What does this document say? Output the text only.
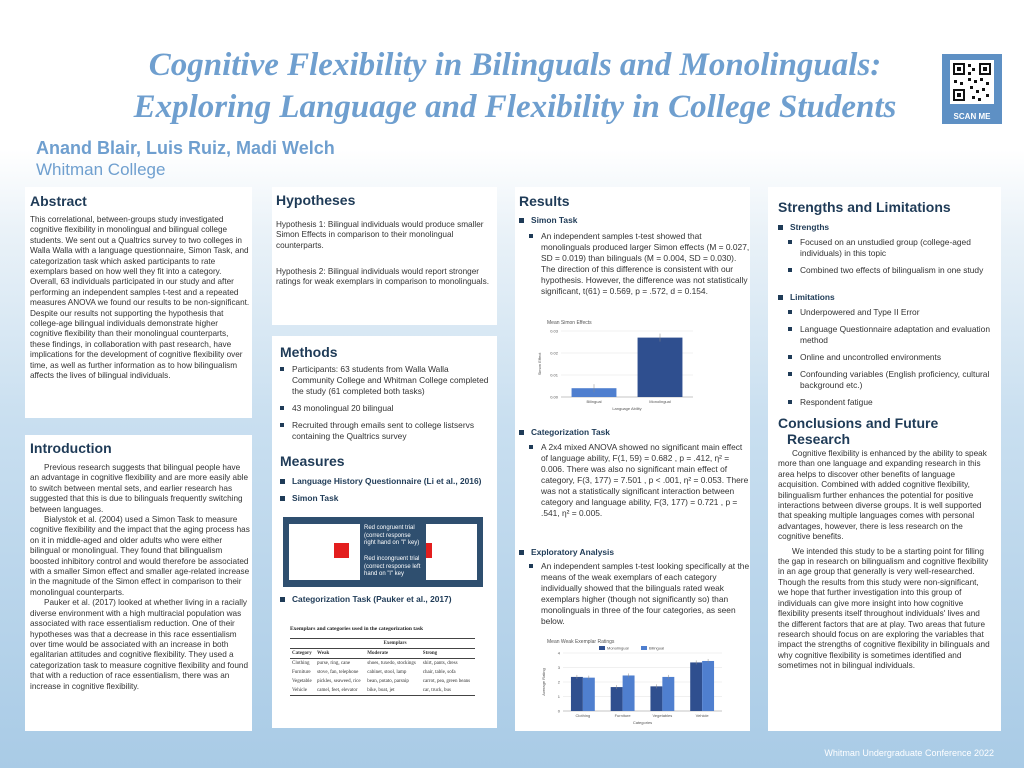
Cognitive Flexibility in Bilinguals and Monolinguals:
Exploring Language and Flexibility in College Students
Anand Blair, Luis Ruiz, Madi Welch
Whitman College
SCAN ME
Abstract
This correlational, between-groups study investigated cognitive flexibility in monolingual and bilingual college students. We sent out a Qualtrics survey to two colleges in Walla Walla with a language questionnaire, Simon Task, and categorization task which asked participants to rate exemplars based on how well they fit into a category. Overall, 63 individuals participated in our study and after performing an independent samples t-test and a repeated measures ANOVA we found our results to be non-significant. Despite our results not supporting the hypothesis that college-age bilingual individuals demonstrate higher cognitive flexibility than their monolingual counterparts, these findings, in collaboration with past research, have implications for the development of cognitive flexibility over time, as well as further information as to how bilingualism affects the lives of bilingual individuals.
Introduction

Previous research suggests that bilingual people have an advantage in cognitive flexibility and are more easily able to switch between mental sets, and earlier research has suggested that this is due to bilinguals frequently switching between languages.

Bialystok et al. (2004) used a Simon Task to measure cognitive flexibility and the impact that the aging process has on it in middle-aged and older adults who were either bilingual or monolingual. They found that bilingualism boosted inhibitory control and would therefore be associated with a smaller Simon effect and smaller age-related increase in the magnitude of the Simon effect in comparison to their monolingual counterparts.

Pauker et al. (2017) looked at whether living in a racially diverse environment with a high multiracial population was associated with race essentialism reduction. One of their hypotheses was that a decrease in this race essentialism over time would be associated with an increase in both egalitarian attitudes and cognitive flexibility. They used a categorization task to measure cognitive flexibility and found that with a reduction of race essentialism, there was an increase in cognitive flexibility.

Hypotheses
Hypothesis 1: Bilingual individuals would produce smaller Simon Effects in comparison to their monolingual counterparts.
Hypothesis 2: Bilingual individuals would report stronger ratings for weak exemplars in comparison to monolinguals.
Methods
Participants: 63 students from Walla Walla Community College and Whitman College completed the study (61 completed both tasks)
43 monolingual 20 bilingual
Recruited through emails sent to college listservs containing the Qualtrics survey
Measures
Language History Questionnaire (Li et al., 2016)
Simon Task
Red congruent trial (correct response right hand on "l" key)
Red incongruent trial (correct response left hand on "l" key
Categorization Task (Pauker et al., 2017)
Exemplars and categories used in the categorization task
	Exemplars		
Category	Weak	Moderate	Strong
Clothing	purse, ring, cane	shoes, tuxedo, stockings	shirt, pants, dress
Furniture	stove, fan, telephone	cabinet, stool, lamp	chair, table, sofa
Vegetable	pickles, seaweed, rice	bean, potato, parsnip	carrot, pea, green beans
Vehicle	camel, feet, elevator	bike, boat, jet	car, truck, bus
Results
Simon Task
An independent samples t-test showed that monolinguals produced larger Simon effects (M = 0.027, SD = 0.019) than bilinguals (M = 0.004, SD = 0.030). The direction of this difference is consistent with our hypothesis. However, the difference was not statistically significant, t(61) = 0.569, p = .572, d = 0.154.
Mean Simon Effects
0.00
0.01
0.02
0.03
Bilingual	Monolingual
Language Ability
Simon Effect
Categorization Task
A 2x4 mixed ANOVA showed no significant main effect of language ability, F(1, 59) = 0.682 , p = .412, η² = 0.006. There was also no significant main effect of category, F(3, 177) = 7.501 , p < .001, η² = 0.053. There was not a statistically significant interaction between category and language ability, F(3, 177) = 0.721 , p = .541, η² = 0.005.
Exploratory Analysis
An independent samples t-test looking specifically at the means of the weak exemplars of each category individually showed that the bilinguals rated weak exemplars higher (though not significantly so) than monolinguals in three of the four categories, as seen below.
Mean Weak Exemplar Ratings
Monolingual	Bilingual
0
1
2
3
4
Clothing	Furniture	Vegetables	Vehicle
Categories
Average Rating
Strengths and Limitations
Strengths
Focused on an unstudied group (college-aged individuals) in this topic
Combined two effects of bilingualism in one study
Limitations
Underpowered and Type II Error
Language Questionnaire adaptation and evaluation method
Online and uncontrolled environments
Confounding variables (English proficiency, cultural background etc.)
Respondent fatigue
Conclusions and Future
Research

Cognitive flexibility is enhanced by the ability to speak more than one language and expanding research in this area helps to discover other benefits of language acquisition. Combined with added cognitive flexibility, bilingualism further enhances the potential for positive interactions between diverse groups. It is well supported that speaking multiple languages comes with personal advantages, however, there is less research on the cognitive benefits.

We intended this study to be a starting point for filling the gap in research on bilingualism and cognitive flexibility in an age group that generally is very well-researched. Though the results from this study were non-significant, we hope that further investigation into this group of individuals can give more insight into how cognitive flexibility presents itself throughout individuals' lives and the different factors that are at play. Two areas that future research should focus on are exploring the variables that impact the strengths of cognitive flexibility in bilinguals and why cognitive flexibility is sometimes identified and sometimes not in bilingual individuals.

Whitman Undergraduate Conference 2022
